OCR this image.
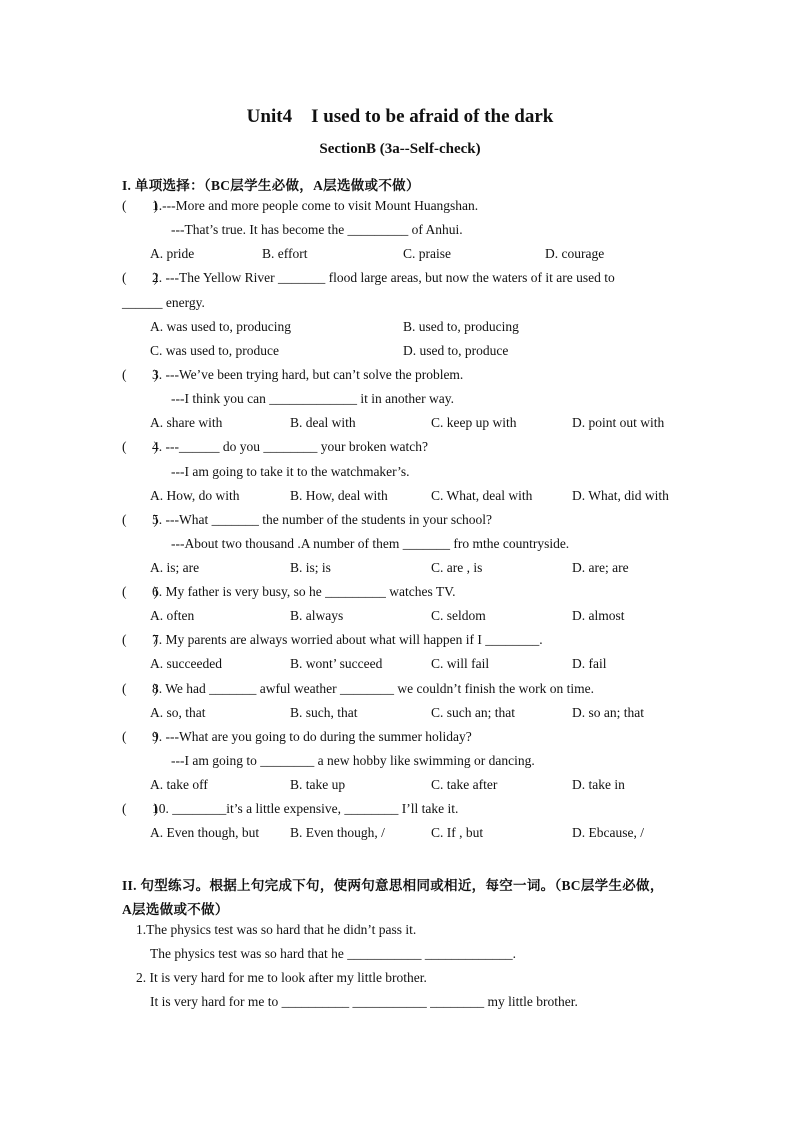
Unit4    I used to be afraid of the dark
SectionB (3a--Self-check)
I. 单项选择：（BC层学生必做，A层选做或不做）
(        )
1.---More and more people come to visit Mount Huangshan.
---That’s true. It has become the _________ of Anhui.
A. pride	B. effort	C. praise	D. courage
(        )
2. ---The Yellow River _______ flood large areas, but now the waters of it are used to
______ energy.
A. was used to, producing	B. used to, producing
C. was used to, produce	D. used to, produce
(        )
3. ---We’ve been trying hard, but can’t solve the problem.
---I think you can _____________ it in another way.
A. share with	B. deal with	C. keep up with	D. point out with
(        )
4. ---______ do you ________ your broken watch?
---I am going to take it to the watchmaker’s.
A. How, do with	B. How, deal with	C. What, deal with	D. What, did with
(        )
5. ---What _______ the number of the students in your school?
---About two thousand .A number of them _______ fro mthe countryside.
A. is; are	B. is; is	C. are , is	D. are; are
(        )
6. My father is very busy, so he _________ watches TV.
A. often	B. always	C. seldom	D. almost
(        )
7. My parents are always worried about what will happen if I ________.
A. succeeded	B. wont’ succeed	C. will fail	D. fail
(        )
8. We had _______ awful weather ________ we couldn’t finish the work on time.
A. so, that	B. such, that	C. such an; that	D. so an; that
(        )
9. ---What are you going to do during the summer holiday?
---I am going to ________ a new hobby like swimming or dancing.
A. take off	B. take up	C. take after	D. take in
(        )
10. ________it’s a little expensive, ________ I’ll take it.
A. Even though, but B. Even though, /	C. If , but	D. Ebcause, /
II. 句型练习。根据上句完成下句，使两句意思相同或相近，每空一词。（BC层学生必做，
A层选做或不做）
1.The physics test was so hard that he didn’t pass it.
The physics test was so hard that he ___________ _____________.
2. It is very hard for me to look after my little brother.
It is very hard for me to __________ ___________ ________ my little brother.
